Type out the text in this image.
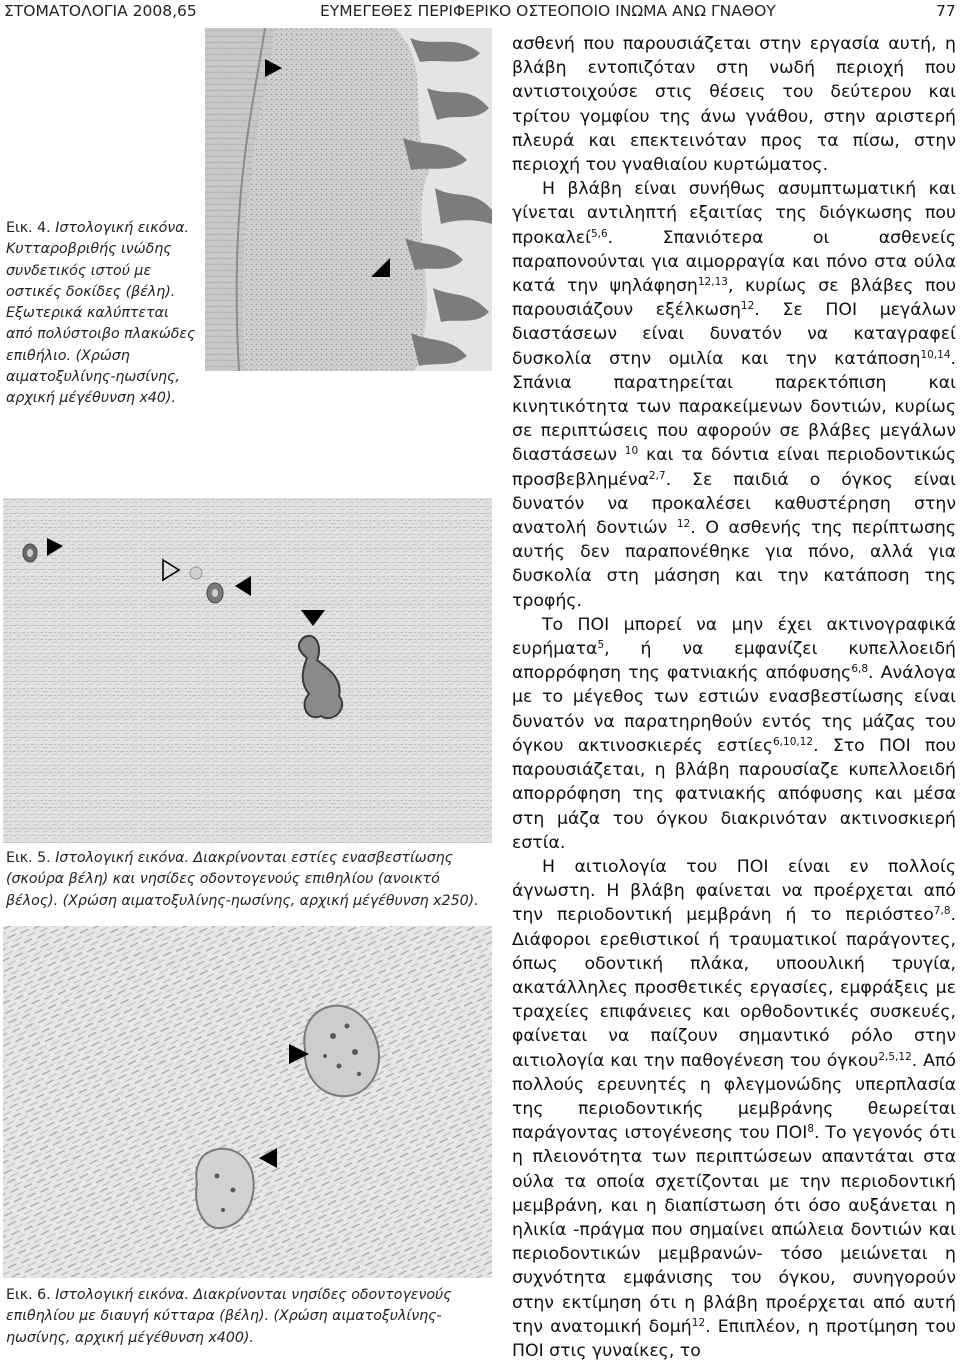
ΣΤΟΜΑΤΟΛΟΓΙΑ 2008,65	ΕΥΜΕΓΕΘΕΣ ΠΕΡΙΦΕΡΙΚΟ ΟΣΤΕΟΠΟΙΟ ΙΝΩΜΑ ΑΝΩ ΓΝΑΘΟΥ	77

Εικ. 4. Ιστολογική εικόνα. Κυτταροβριθής ινώδης συνδετικός ιστού με οστικές δοκίδες (βέλη). Εξωτερικά καλύπτεται από πολύστοιβο πλακώδες επιθήλιο. (Χρώση αιματοξυλίνης-ηωσίνης, αρχική μέγέθυνση x40).

Εικ. 5. Ιστολογική εικόνα. Διακρίνονται εστίες ενασβεστίωσης (σκούρα βέλη) και νησίδες οδοντογενούς επιθηλίου (ανοικτό βέλος). (Χρώση αιματοξυλίνης-ηωσίνης, αρχική μέγέθυνση x250).

Εικ. 6. Ιστολογική εικόνα. Διακρίνονται νησίδες οδοντογενούς επιθηλίου με διαυγή κύτταρα (βέλη). (Χρώση αιματοξυλίνης-ηωσίνης, αρχική μέγέθυνση x400).

ασθενή που παρουσιάζεται στην εργασία αυτή, η βλάβη εντοπιζόταν στη νωδή περιοχή που αντιστοιχούσε στις θέσεις του δεύτερου και τρίτου γομφίου της άνω γνάθου, στην αριστερή πλευρά και επεκτεινόταν προς τα πίσω, στην περιοχή του γναθιαίου κυρτώματος.

Η βλάβη είναι συνήθως ασυμπτωματική και γίνεται αντιληπτή εξαιτίας της διόγκωσης που προκαλεί$^{5,6}$. Σπανιότερα οι ασθενείς παραπονούνται για αιμορραγία και πόνο στα ούλα κατά την ψηλάφηση$^{12,13}$, κυρίως σε βλάβες που παρουσιάζουν εξέλκωση$^{12}$. Σε ΠΟΙ μεγάλων διαστάσεων είναι δυνατόν να καταγραφεί δυσκολία στην ομιλία και την κατάποση$^{10,14}$. Σπάνια παρατηρείται παρεκτόπιση και κινητικότητα των παρακείμενων δοντιών, κυρίως σε περιπτώσεις που αφορούν σε βλάβες μεγάλων διαστάσεων $^{10}$ και τα δόντια είναι περιοδοντικώς προσβεβλημένα$^{2,7}$. Σε παιδιά ο όγκος είναι δυνατόν να προκαλέσει καθυστέρηση στην ανατολή δοντιών $^{12}$. Ο ασθενής της περίπτωσης αυτής δεν παραπονέθηκε για πόνο, αλλά για δυσκολία στη μάσηση και την κατάποση της τροφής.

Το ΠΟΙ μπορεί να μην έχει ακτινογραφικά ευρήματα$^5$, ή να εμφανίζει κυπελλοειδή απορρόφηση της φατνιακής απόφυσης$^{6,8}$. Ανάλογα με το μέγεθος των εστιών ενασβεστίωσης είναι δυνατόν να παρατηρηθούν εντός της μάζας του όγκου ακτινοσκιερές εστίες$^{6,10,12}$. Στο ΠΟΙ που παρουσιάζεται, η βλάβη παρουσίαζε κυπελλοειδή απορρόφηση της φατνιακής απόφυσης και μέσα στη μάζα του όγκου διακρινόταν ακτινοσκιερή εστία.

Η αιτιολογία του ΠΟΙ είναι εν πολλοίς άγνωστη. Η βλάβη φαίνεται να προέρχεται από την περιοδοντική μεμβράνη ή το περιόστεο$^{7,8}$. Διάφοροι ερεθιστικοί ή τραυματικοί παράγοντες, όπως οδοντική πλάκα, υποουλική τρυγία, ακατάλληλες προσθετικές εργασίες, εμφράξεις με τραχείες επιφάνειες και ορθοδοντικές συσκευές, φαίνεται να παίζουν σημαντικό ρόλο στην αιτιολογία και την παθογένεση του όγκου$^{2,5,12}$. Από πολλούς ερευνητές η φλεγμονώδης υπερπλασία της περιοδοντικής μεμβράνης θεωρείται παράγοντας ιστογένεσης του ΠΟΙ$^8$. Το γεγονός ότι η πλειονότητα των περιπτώσεων απαντάται στα ούλα τα οποία σχετίζονται με την περιοδοντική μεμβράνη, και η διαπίστωση ότι όσο αυξάνεται η ηλικία -πράγμα που σημαίνει απώλεια δοντιών και περιοδοντικών μεμβρανών- τόσο μειώνεται η συχνότητα εμφάνισης του όγκου, συνηγορούν στην εκτίμηση ότι η βλάβη προέρχεται από αυτή την ανατομική δομή$^{12}$. Επιπλέον, η προτίμηση του ΠΟΙ στις γυναίκες, το
